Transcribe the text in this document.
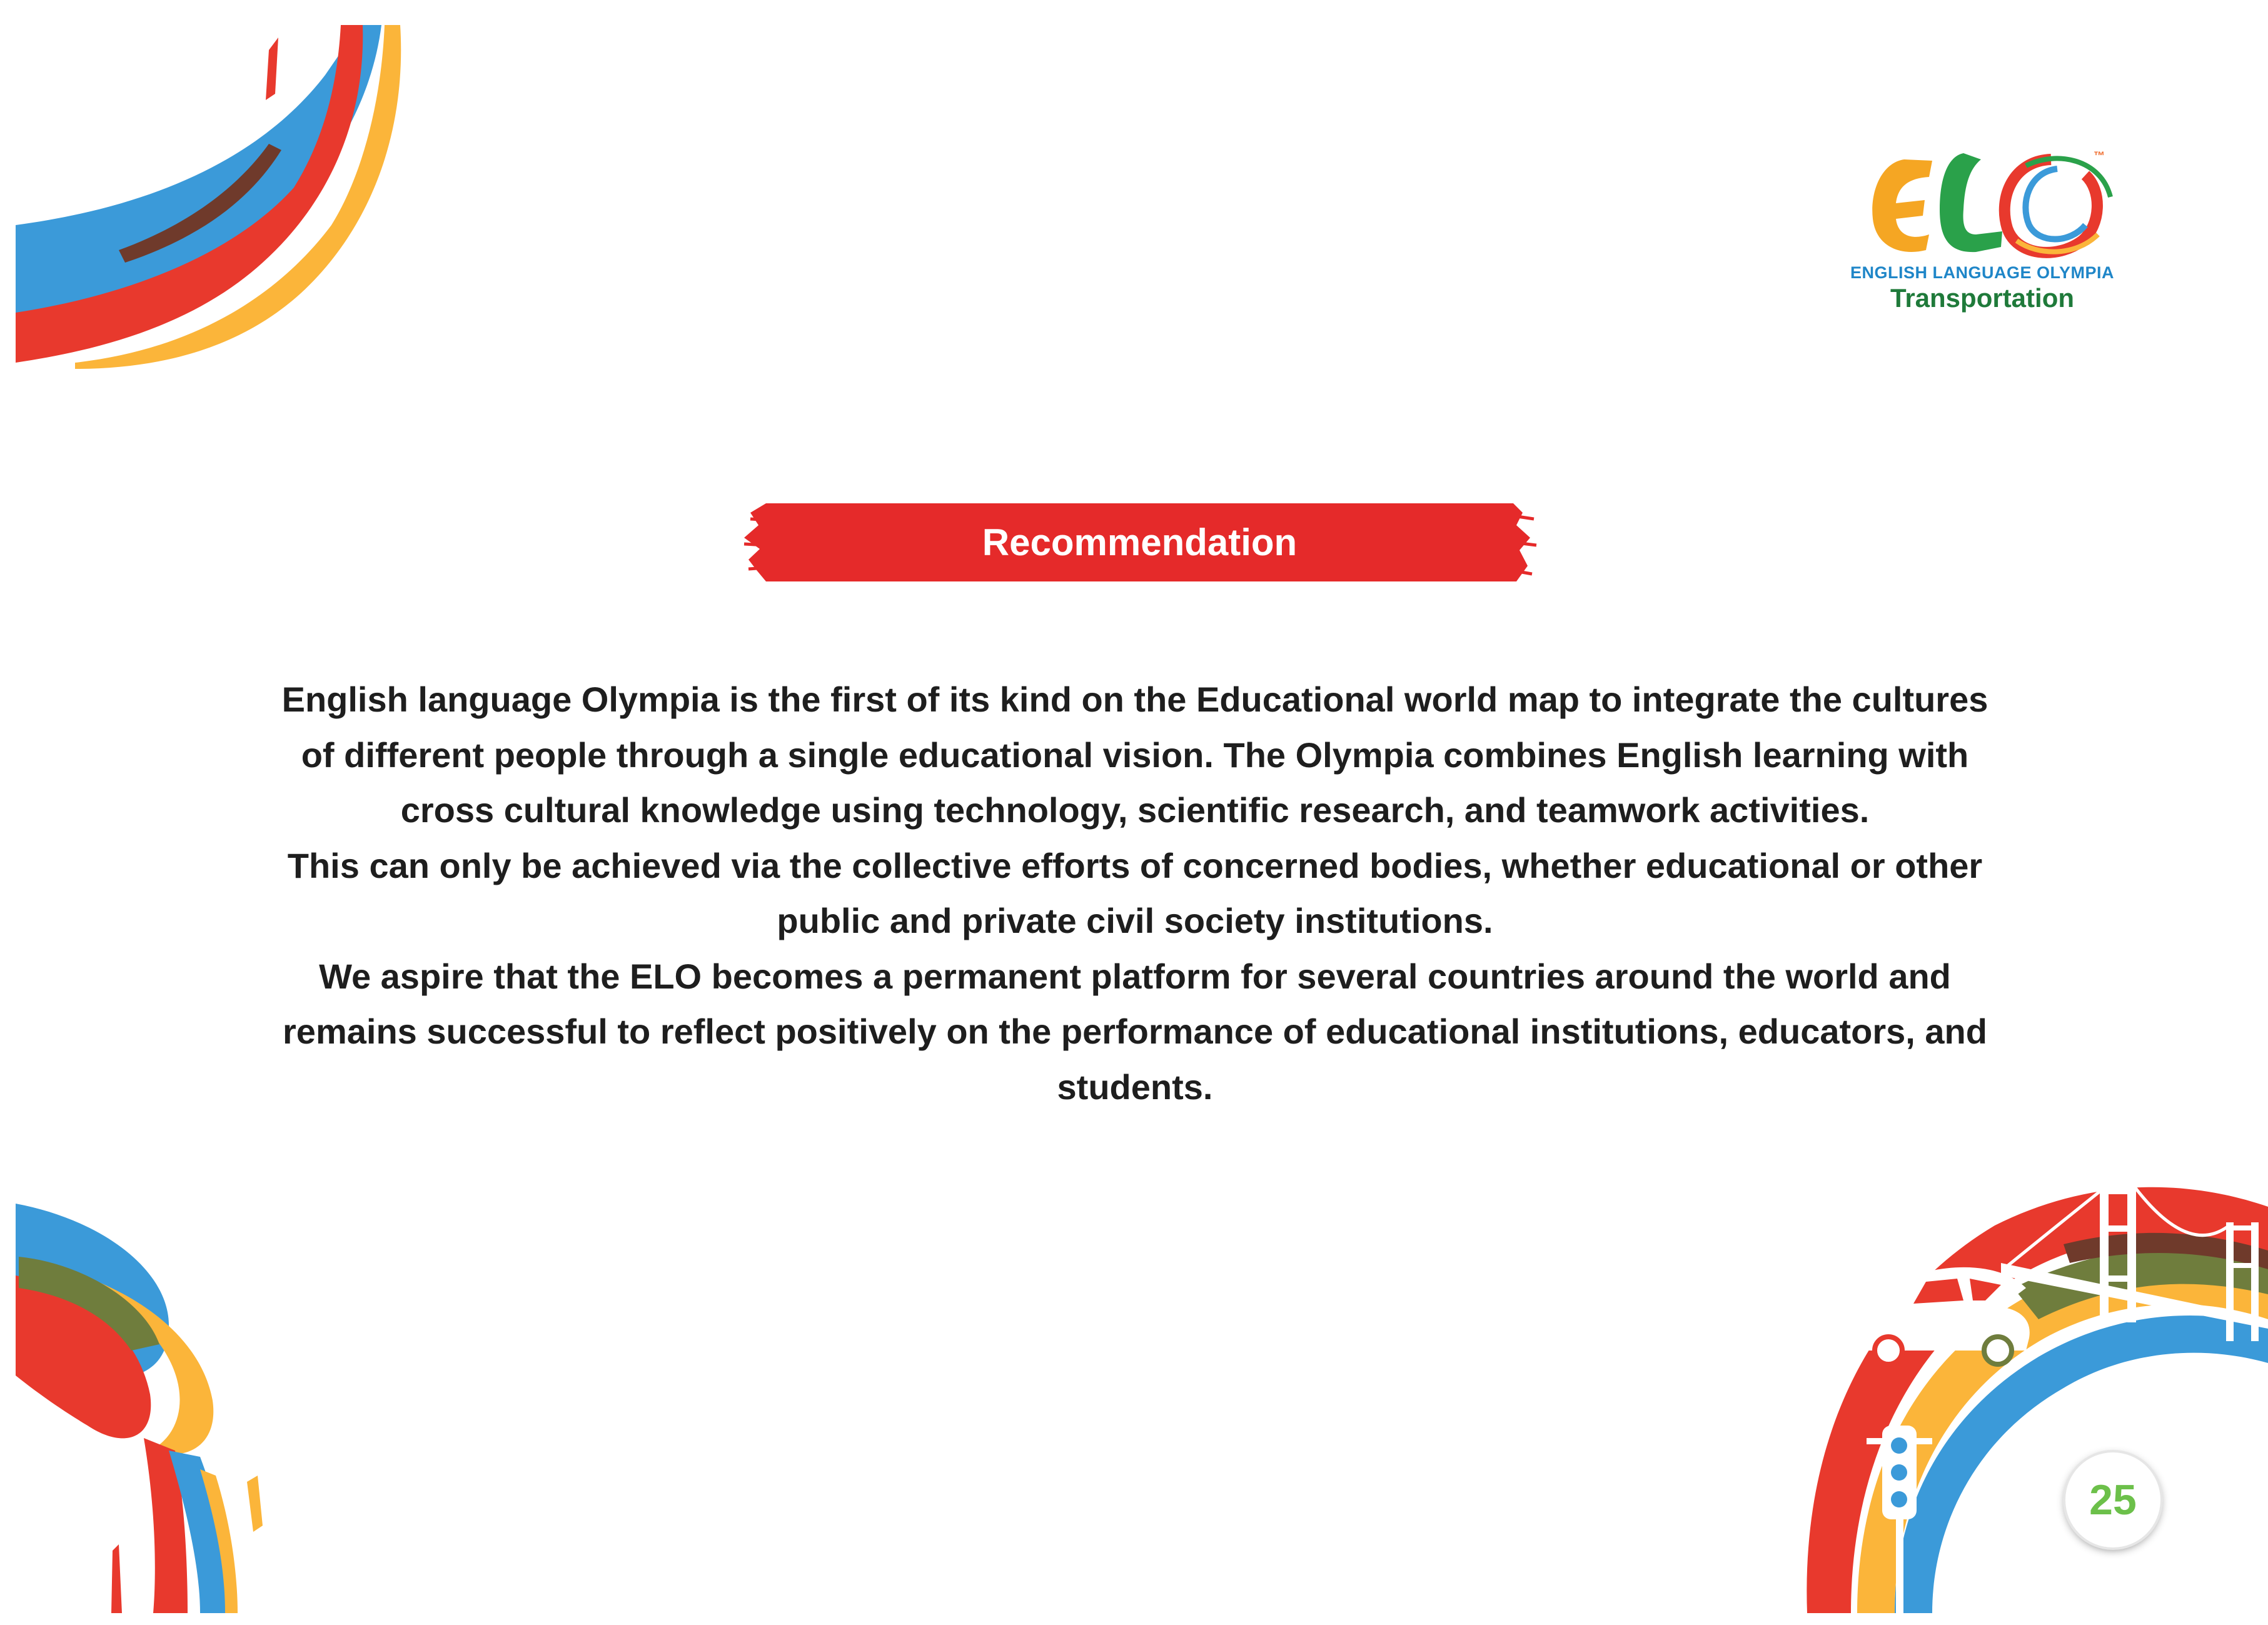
™
ENGLISH LANGUAGE OLYMPIA
Transportation
Recommendation

English language Olympia is the first of its kind on the Educational world map to integrate the cultures of different people through a single educational vision. The Olympia combines English learning with cross cultural knowledge using technology, scientific research, and teamwork activities.

This can only be achieved via the collective efforts of concerned bodies, whether educational or other public and private civil society institutions.

We aspire that the ELO becomes a permanent platform for several countries around the world and remains successful to reflect positively on the performance of educational institutions, educators, and students.

25
